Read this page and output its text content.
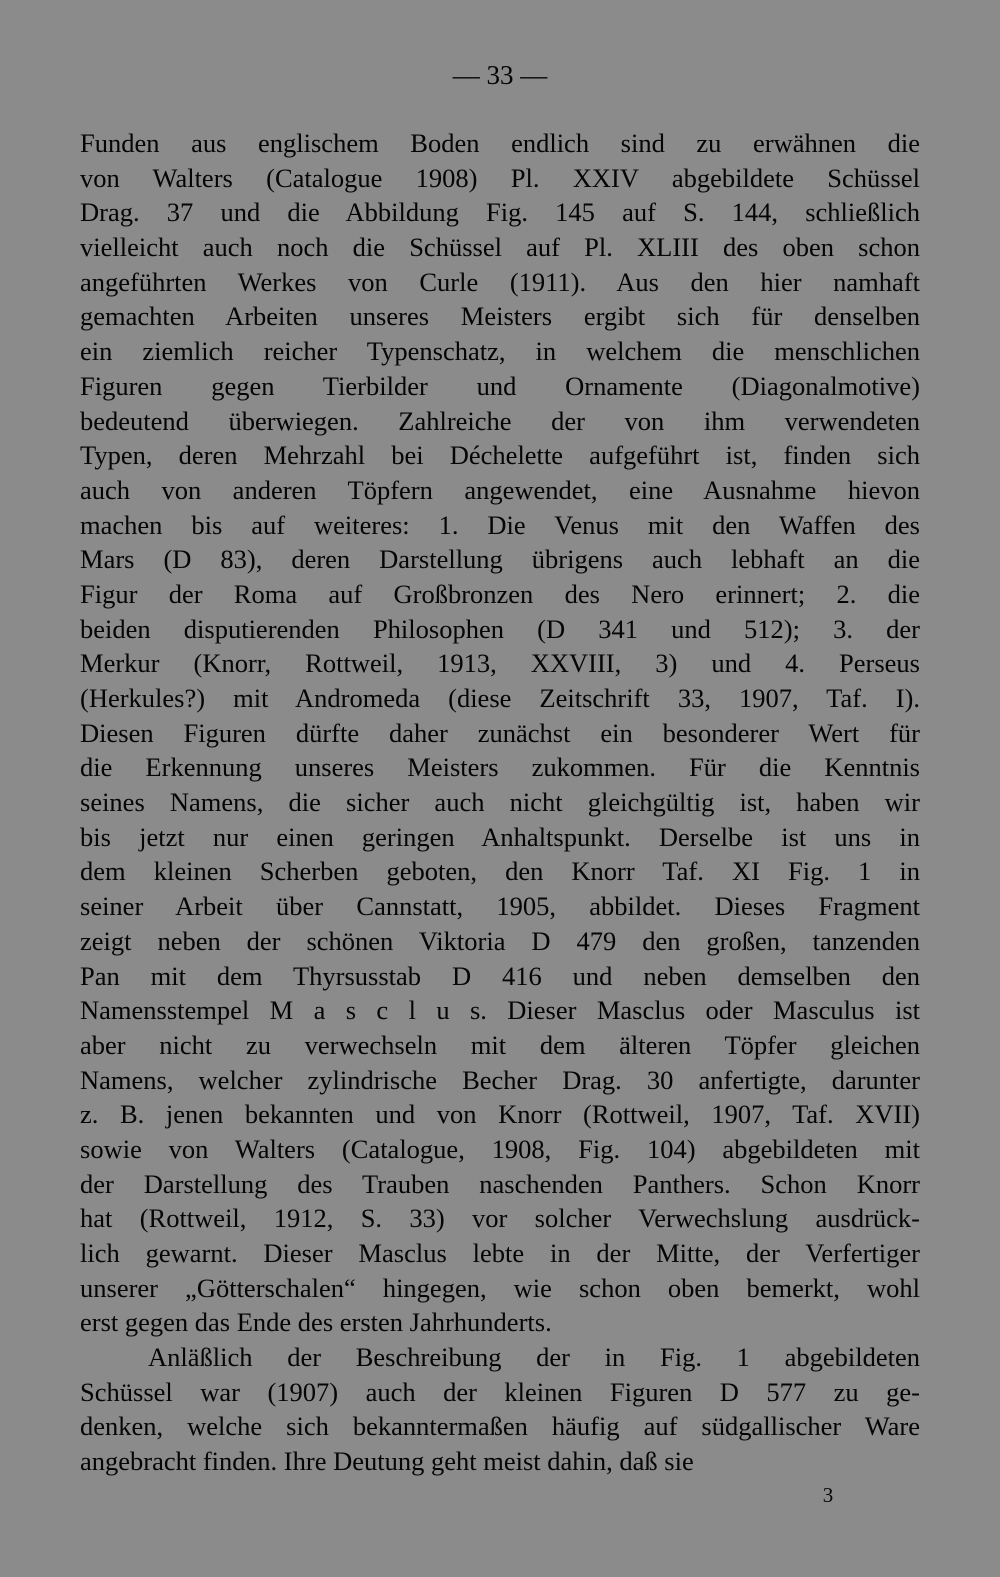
— 33 —
Funden aus englischem Boden endlich sind zu erwähnen die
von Walters (Catalogue 1908) Pl. XXIV abgebildete Schüssel
Drag. 37 und die Abbildung Fig. 145 auf S. 144, schließlich
vielleicht auch noch die Schüssel auf Pl. XLIII des oben schon
angeführten Werkes von Curle (1911). Aus den hier namhaft
gemachten Arbeiten unseres Meisters ergibt sich für denselben
ein ziemlich reicher Typenschatz, in welchem die menschlichen
Figuren gegen Tierbilder und Ornamente (Diagonalmotive)
bedeutend überwiegen. Zahlreiche der von ihm verwendeten
Typen, deren Mehrzahl bei Déchelette aufgeführt ist, finden sich
auch von anderen Töpfern angewendet, eine Ausnahme hievon
machen bis auf weiteres: 1. Die Venus mit den Waffen des
Mars (D 83), deren Darstellung übrigens auch lebhaft an die
Figur der Roma auf Großbronzen des Nero erinnert; 2. die
beiden disputierenden Philosophen (D 341 und 512); 3. der
Merkur (Knorr, Rottweil, 1913, XXVIII, 3) und 4. Perseus
(Herkules?) mit Andromeda (diese Zeitschrift 33, 1907, Taf. I).
Diesen Figuren dürfte daher zunächst ein besonderer Wert für
die Erkennung unseres Meisters zukommen. Für die Kenntnis
seines Namens, die sicher auch nicht gleichgültig ist, haben wir
bis jetzt nur einen geringen Anhaltspunkt. Derselbe ist uns in
dem kleinen Scherben geboten, den Knorr Taf. XI Fig. 1 in
seiner Arbeit über Cannstatt, 1905, abbildet. Dieses Fragment
zeigt neben der schönen Viktoria D 479 den großen, tanzenden
Pan mit dem Thyrsusstab D 416 und neben demselben den
Namensstempel M a s c l u s. Dieser Masclus oder Masculus ist
aber nicht zu verwechseln mit dem älteren Töpfer gleichen
Namens, welcher zylindrische Becher Drag. 30 anfertigte, darunter
z. B. jenen bekannten und von Knorr (Rottweil, 1907, Taf. XVII)
sowie von Walters (Catalogue, 1908, Fig. 104) abgebildeten mit
der Darstellung des Trauben naschenden Panthers. Schon Knorr
hat (Rottweil, 1912, S. 33) vor solcher Verwechslung ausdrück-
lich gewarnt. Dieser Masclus lebte in der Mitte, der Verfertiger
unserer „Götterschalen“ hingegen, wie schon oben bemerkt, wohl
erst gegen das Ende des ersten Jahrhunderts.
Anläßlich der Beschreibung der in Fig. 1 abgebildeten
Schüssel war (1907) auch der kleinen Figuren D 577 zu ge-
denken, welche sich bekanntermaßen häufig auf südgallischer Ware
angebracht finden. Ihre Deutung geht meist dahin, daß sie
3
